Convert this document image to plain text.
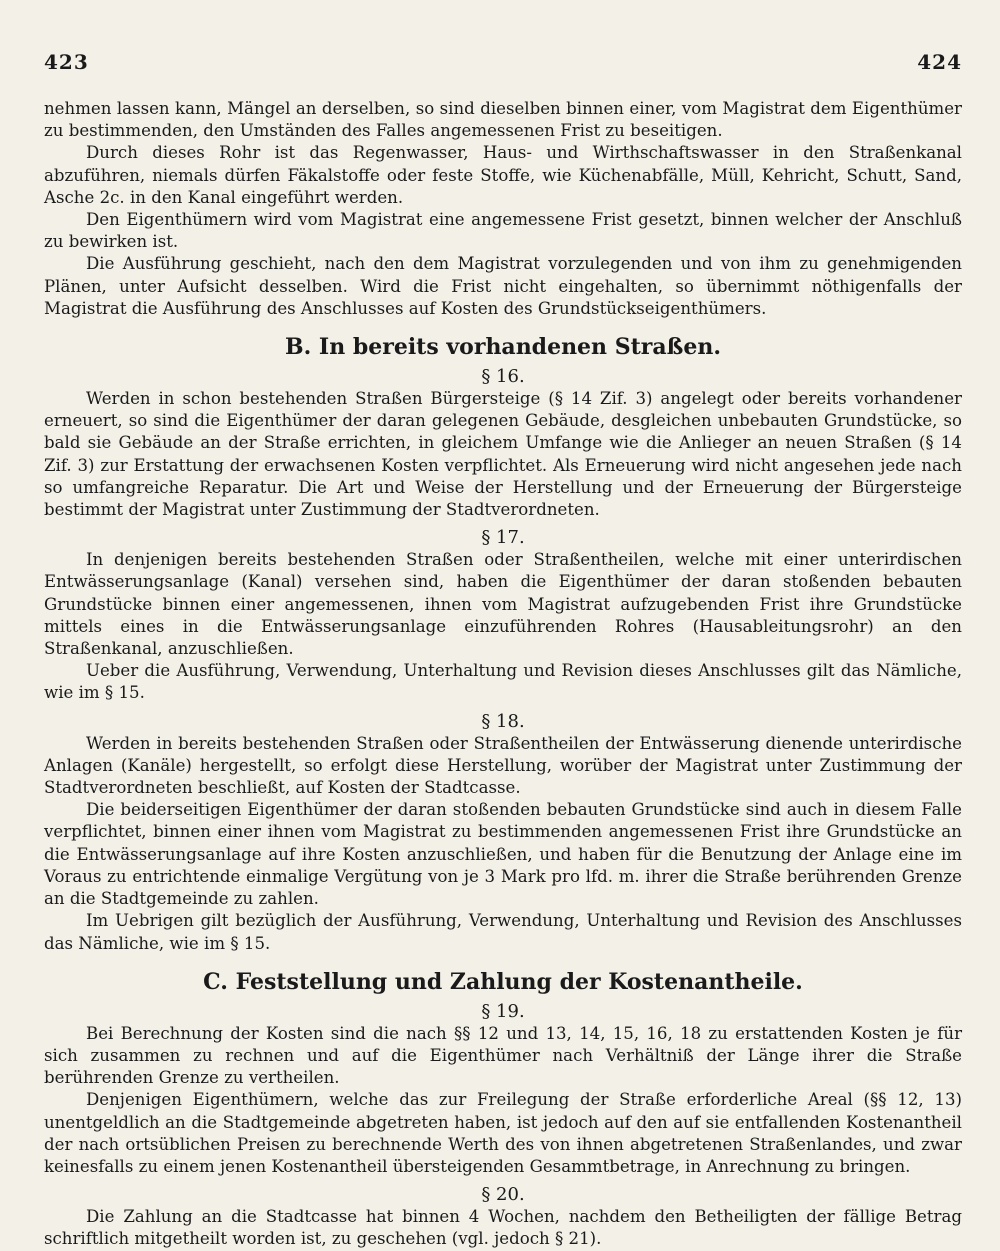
423	424
nehmen lassen kann, Mängel an derselben, so sind dieselben binnen einer, vom Magistrat dem Eigenthümer zu bestimmenden, den Umständen des Falles angemessenen Frist zu beseitigen.
Durch dieses Rohr ist das Regenwasser, Haus- und Wirthschaftswasser in den Straßenkanal abzuführen, niemals dürfen Fäkalstoffe oder feste Stoffe, wie Küchenabfälle, Müll, Kehricht, Schutt, Sand, Asche 2c. in den Kanal eingeführt werden.
Den Eigenthümern wird vom Magistrat eine angemessene Frist gesetzt, binnen welcher der Anschluß zu bewirken ist.
Die Ausführung geschieht, nach den dem Magistrat vorzulegenden und von ihm zu genehmigenden Plänen, unter Aufsicht desselben. Wird die Frist nicht eingehalten, so übernimmt nöthigenfalls der Magistrat die Ausführung des Anschlusses auf Kosten des Grundstückseigenthümers.
B. In bereits vorhandenen Straßen.
§ 16.
Werden in schon bestehenden Straßen Bürgersteige (§ 14 Zif. 3) angelegt oder bereits vorhandener erneuert, so sind die Eigenthümer der daran gelegenen Gebäude, desgleichen unbebauten Grundstücke, so bald sie Gebäude an der Straße errichten, in gleichem Umfange wie die Anlieger an neuen Straßen (§ 14 Zif. 3) zur Erstattung der erwachsenen Kosten verpflichtet. Als Erneuerung wird nicht angesehen jede nach so umfangreiche Reparatur. Die Art und Weise der Herstellung und der Erneuerung der Bürgersteige bestimmt der Magistrat unter Zustimmung der Stadtverordneten.
§ 17.
In denjenigen bereits bestehenden Straßen oder Straßentheilen, welche mit einer unterirdischen Entwässerungsanlage (Kanal) versehen sind, haben die Eigenthümer der daran stoßenden bebauten Grundstücke binnen einer angemessenen, ihnen vom Magistrat aufzugebenden Frist ihre Grundstücke mittels eines in die Entwässerungsanlage einzuführenden Rohres (Hausableitungsrohr) an den Straßenkanal, anzuschließen.
Ueber die Ausführung, Verwendung, Unterhaltung und Revision dieses Anschlusses gilt das Nämliche, wie im § 15.
§ 18.
Werden in bereits bestehenden Straßen oder Straßentheilen der Entwässerung dienende unterirdische Anlagen (Kanäle) hergestellt, so erfolgt diese Herstellung, worüber der Magistrat unter Zustimmung der Stadtverordneten beschließt, auf Kosten der Stadtcasse.
Die beiderseitigen Eigenthümer der daran stoßenden bebauten Grundstücke sind auch in diesem Falle verpflichtet, binnen einer ihnen vom Magistrat zu bestimmenden angemessenen Frist ihre Grundstücke an die Entwässerungsanlage auf ihre Kosten anzuschließen, und haben für die Benutzung der Anlage eine im Voraus zu entrichtende einmalige Vergütung von je 3 Mark pro lfd. m. ihrer die Straße berührenden Grenze an die Stadtgemeinde zu zahlen.
Im Uebrigen gilt bezüglich der Ausführung, Verwendung, Unterhaltung und Revision des Anschlusses das Nämliche, wie im § 15.
C. Feststellung und Zahlung der Kostenantheile.
§ 19.
Bei Berechnung der Kosten sind die nach §§ 12 und 13, 14, 15, 16, 18 zu erstattenden Kosten je für sich zusammen zu rechnen und auf die Eigenthümer nach Verhältniß der Länge ihrer die Straße berührenden Grenze zu vertheilen.
Denjenigen Eigenthümern, welche das zur Freilegung der Straße erforderliche Areal (§§ 12, 13) unentgeldlich an die Stadtgemeinde abgetreten haben, ist jedoch auf den auf sie entfallenden Kostenantheil der nach ortsüblichen Preisen zu berechnende Werth des von ihnen abgetretenen Straßenlandes, und zwar keinesfalls zu einem jenen Kostenantheil übersteigenden Gesammtbetrage, in Anrechnung zu bringen.
§ 20.
Die Zahlung an die Stadtcasse hat binnen 4 Wochen, nachdem den Betheiligten der fällige Betrag schriftlich mitgetheilt worden ist, zu geschehen (vgl. jedoch § 21).
